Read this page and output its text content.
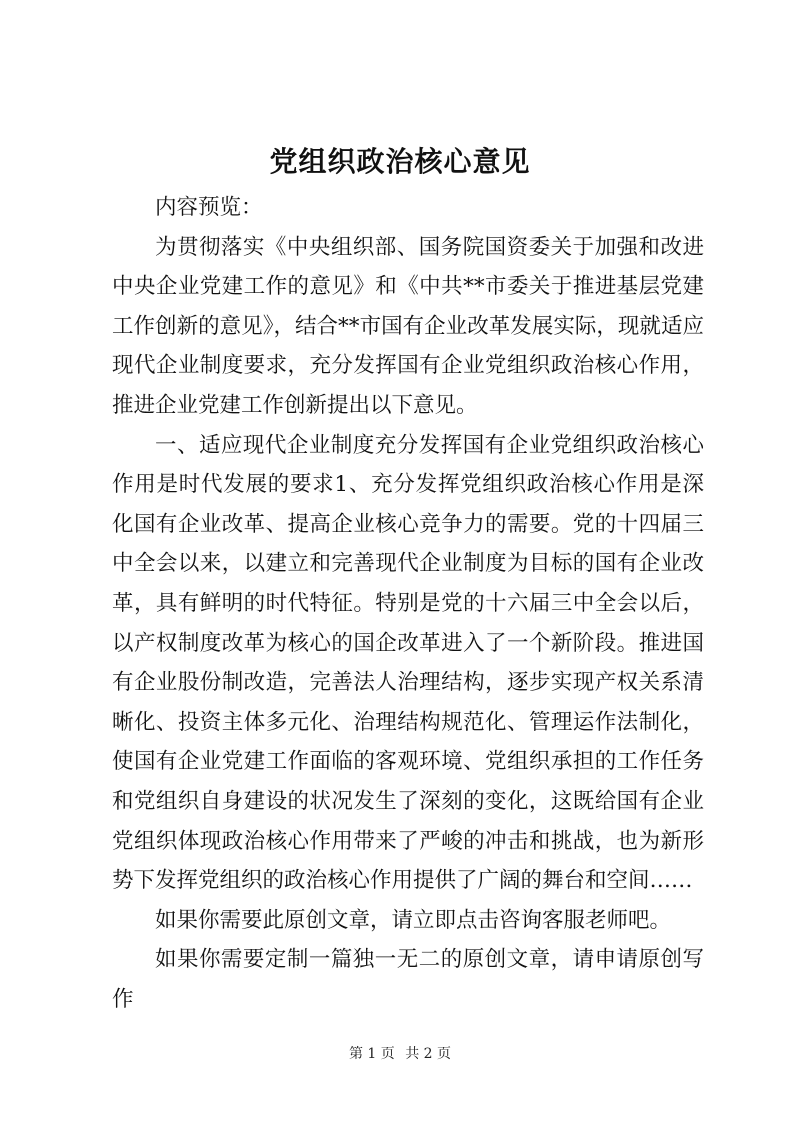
党组织政治核心意见

内容预览：

为贯彻落实《中央组织部、国务院国资委关于加强和改进中央企业党建工作的意见》和《中共**市委关于推进基层党建工作创新的意见》，结合**市国有企业改革发展实际，现就适应现代企业制度要求，充分发挥国有企业党组织政治核心作用，推进企业党建工作创新提出以下意见。

一、适应现代企业制度充分发挥国有企业党组织政治核心作用是时代发展的要求1、充分发挥党组织政治核心作用是深化国有企业改革、提高企业核心竞争力的需要。党的十四届三中全会以来，以建立和完善现代企业制度为目标的国有企业改革，具有鲜明的时代特征。特别是党的十六届三中全会以后，以产权制度改革为核心的国企改革进入了一个新阶段。推进国有企业股份制改造，完善法人治理结构，逐步实现产权关系清晰化、投资主体多元化、治理结构规范化、管理运作法制化，使国有企业党建工作面临的客观环境、党组织承担的工作任务和党组织自身建设的状况发生了深刻的变化，这既给国有企业党组织体现政治核心作用带来了严峻的冲击和挑战，也为新形势下发挥党组织的政治核心作用提供了广阔的舞台和空间……

如果你需要此原创文章，请立即点击咨询客服老师吧。

如果你需要定制一篇独一无二的原创文章，请申请原创写作

第 1 页 共 2 页
